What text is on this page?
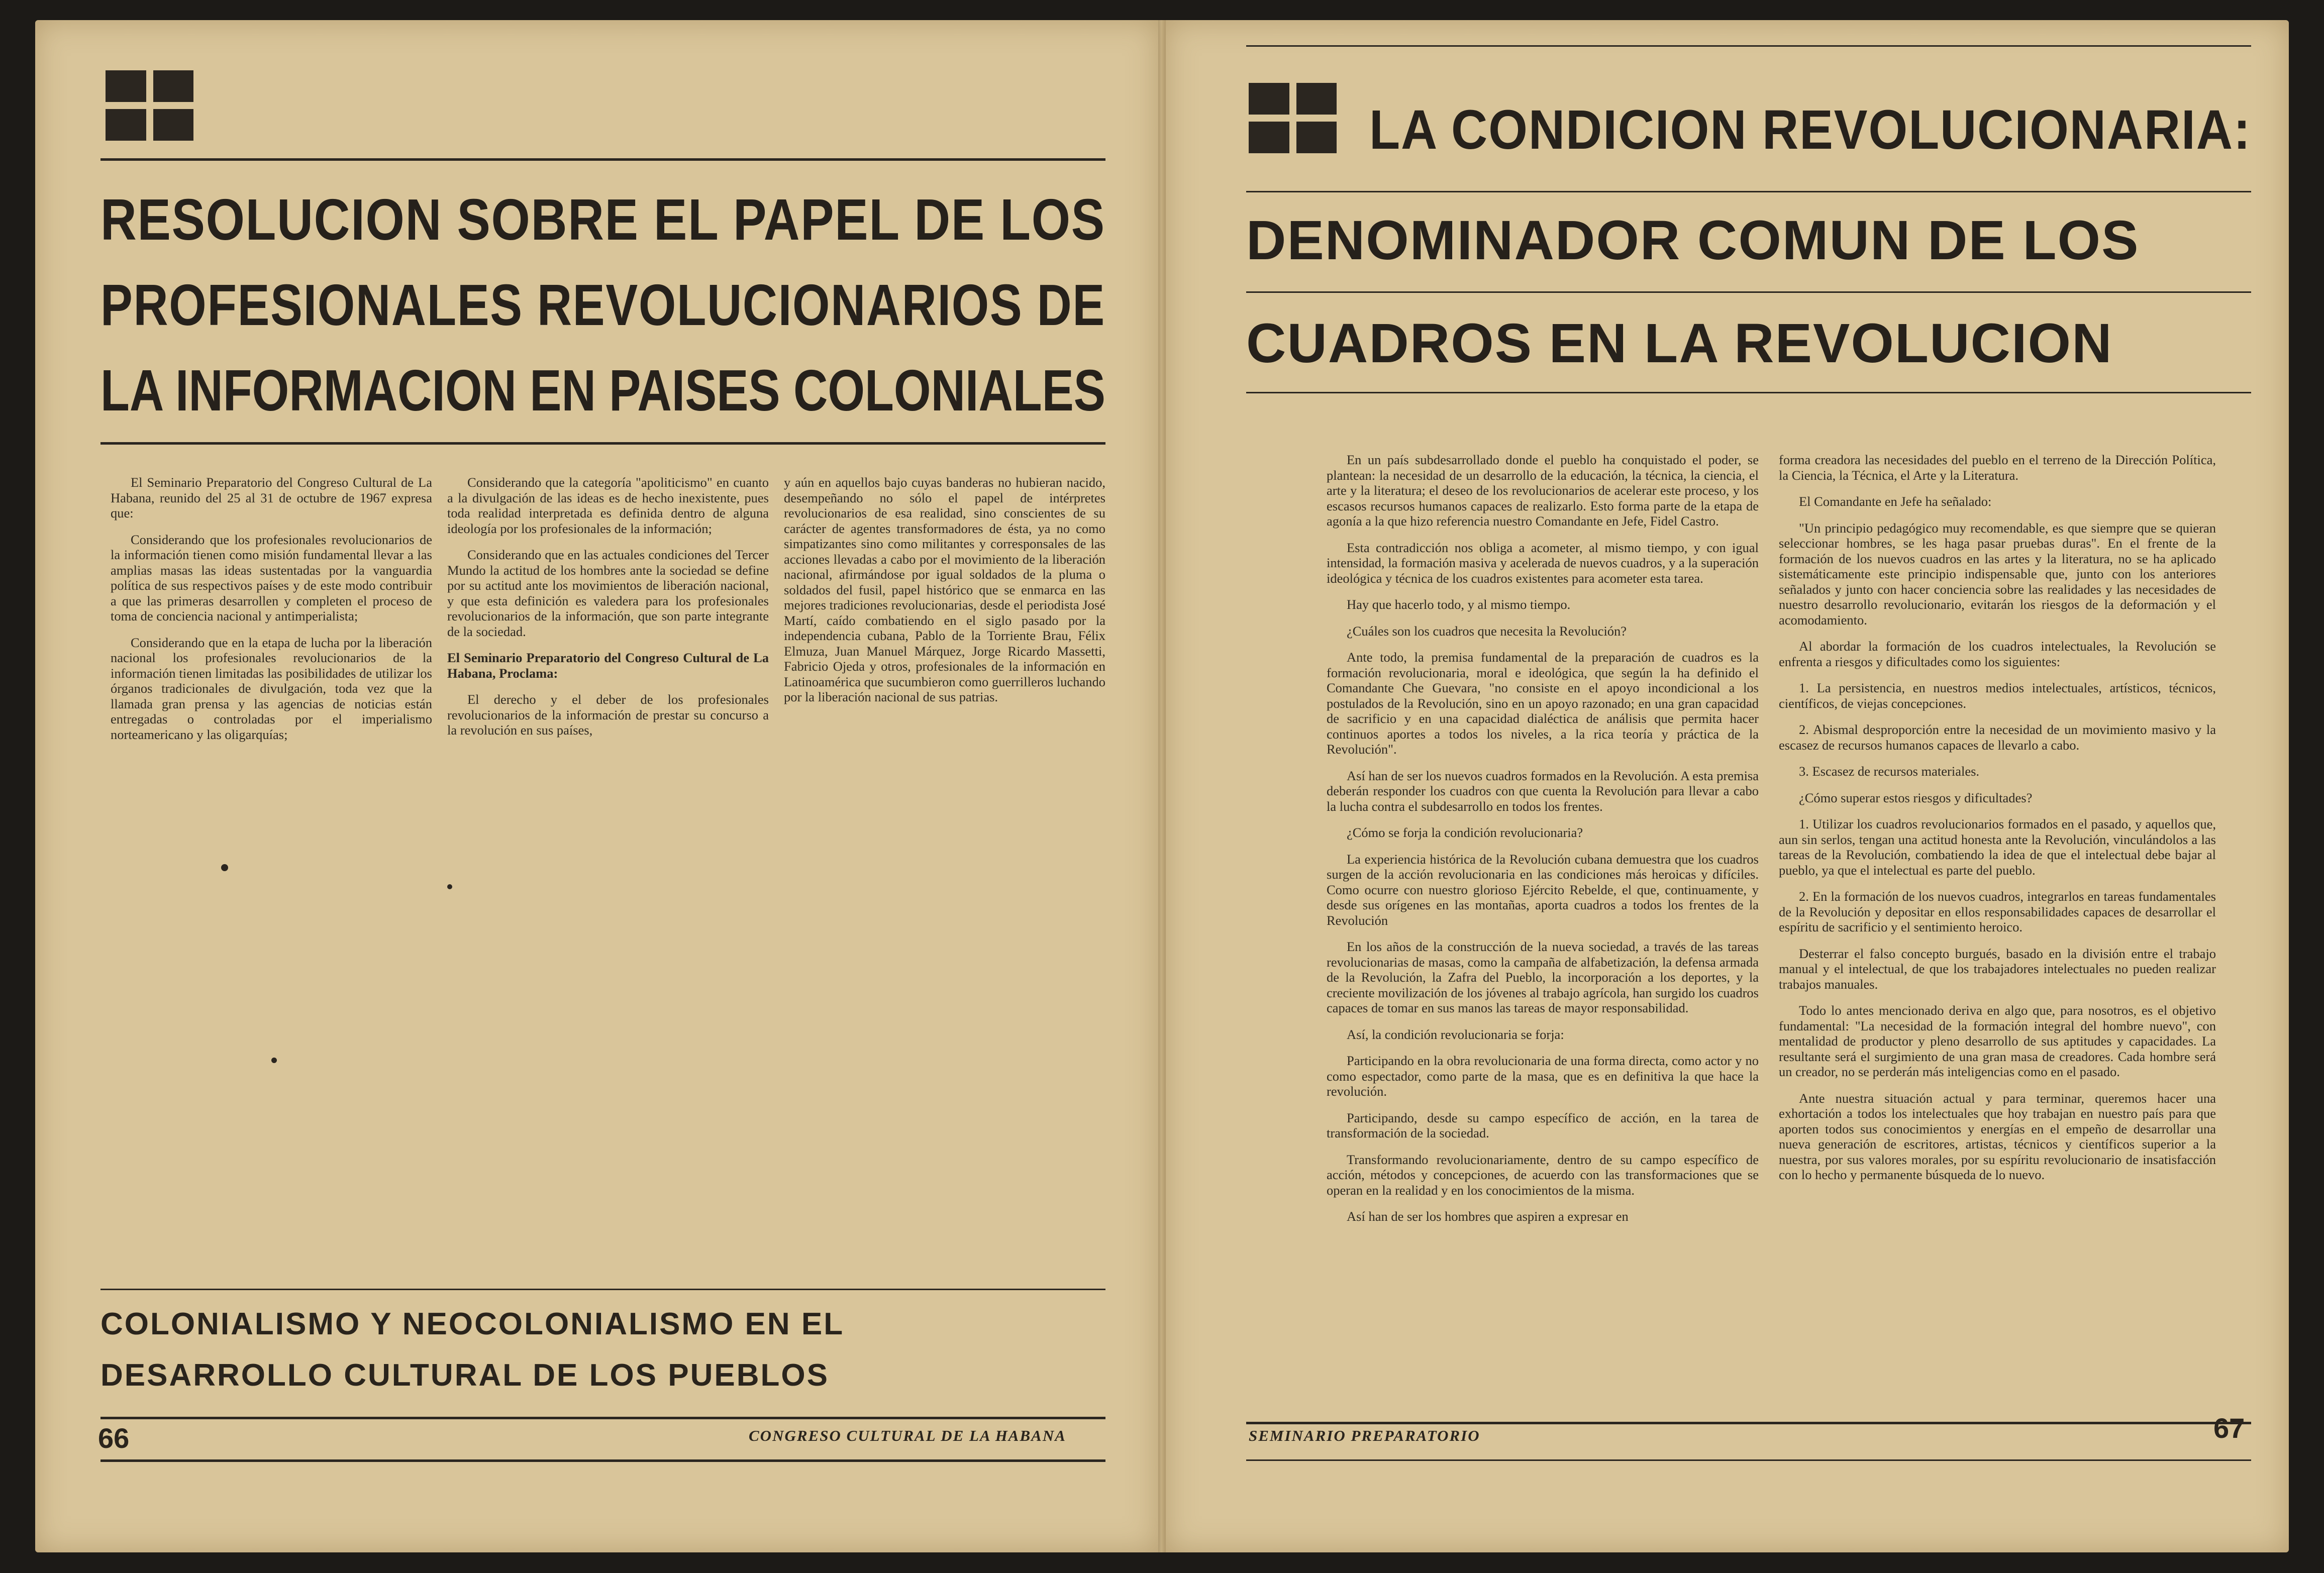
RESOLUCION SOBRE EL PAPEL DE LOS
PROFESIONALES REVOLUCIONARIOS DE
LA INFORMACION EN PAISES COLONIALES

El Seminario Preparatorio del Congreso Cultural de La Habana, reunido del 25 al 31 de octubre de 1967 expresa que:

Considerando que los profesionales revolucionarios de la información tienen como misión fundamental llevar a las amplias masas las ideas sustentadas por la vanguardia política de sus respectivos países y de este modo contribuir a que las primeras desarrollen y completen el proceso de toma de conciencia nacional y antimperialista;

Considerando que en la etapa de lucha por la liberación nacional los profesionales revolucionarios de la información tienen limitadas las posibilidades de utilizar los órganos tradicionales de divulgación, toda vez que la llamada gran prensa y las agencias de noticias están entregadas o controladas por el imperialismo norteamericano y las oligarquías;

Considerando que la categoría "apoliticismo" en cuanto a la divulgación de las ideas es de hecho inexistente, pues toda realidad interpretada es definida dentro de alguna ideología por los profesionales de la información;

Considerando que en las actuales condiciones del Tercer Mundo la actitud de los hombres ante la sociedad se define por su actitud ante los movimientos de liberación nacional, y que esta definición es valedera para los profesionales revolucionarios de la información, que son parte integrante de la sociedad.

El Seminario Preparatorio del Congreso Cultural de La Habana, Proclama:

El derecho y el deber de los profesionales revolucionarios de la información de prestar su concurso a la revolución en sus países,

y aún en aquellos bajo cuyas banderas no hubieran nacido, desempeñando no sólo el papel de intérpretes revolucionarios de esa realidad, sino conscientes de su carácter de agentes transformadores de ésta, ya no como simpatizantes sino como militantes y corresponsales de las acciones llevadas a cabo por el movimiento de la liberación nacional, afirmándose por igual soldados de la pluma o soldados del fusil, papel histórico que se enmarca en las mejores tradiciones revolucionarias, desde el periodista José Martí, caído combatiendo en el siglo pasado por la independencia cubana, Pablo de la Torriente Brau, Félix Elmuza, Juan Manuel Márquez, Jorge Ricardo Massetti, Fabricio Ojeda y otros, profesionales de la información en Latinoamérica que sucumbieron como guerrilleros luchando por la liberación nacional de sus patrias.

COLONIALISMO Y NEOCOLONIALISMO EN EL
DESARROLLO CULTURAL DE LOS PUEBLOS
66	CONGRESO CULTURAL DE LA HABANA
LA CONDICION REVOLUCIONARIA:
DENOMINADOR COMUN DE LOS
CUADROS EN LA REVOLUCION

En un país subdesarrollado donde el pueblo ha conquistado el poder, se plantean: la necesidad de un desarrollo de la educación, la técnica, la ciencia, el arte y la literatura; el deseo de los revolucionarios de acelerar este proceso, y los escasos recursos humanos capaces de realizarlo. Esto forma parte de la etapa de agonía a la que hizo referencia nuestro Comandante en Jefe, Fidel Castro.

Esta contradicción nos obliga a acometer, al mismo tiempo, y con igual intensidad, la formación masiva y acelerada de nuevos cuadros, y a la superación ideológica y técnica de los cuadros existentes para acometer esta tarea.

Hay que hacerlo todo, y al mismo tiempo.

¿Cuáles son los cuadros que necesita la Revolución?

Ante todo, la premisa fundamental de la preparación de cuadros es la formación revolucionaria, moral e ideológica, que según la ha definido el Comandante Che Guevara, "no consiste en el apoyo incondicional a los postulados de la Revolución, sino en un apoyo razonado; en una gran capacidad de sacrificio y en una capacidad dialéctica de análisis que permita hacer continuos aportes a todos los niveles, a la rica teoría y práctica de la Revolución".

Así han de ser los nuevos cuadros formados en la Revolución. A esta premisa deberán responder los cuadros con que cuenta la Revolución para llevar a cabo la lucha contra el subdesarrollo en todos los frentes.

¿Cómo se forja la condición revolucionaria?

La experiencia histórica de la Revolución cubana demuestra que los cuadros surgen de la acción revolucionaria en las condiciones más heroicas y difíciles. Como ocurre con nuestro glorioso Ejército Rebelde, el que, continuamente, y desde sus orígenes en las montañas, aporta cuadros a todos los frentes de la Revolución

En los años de la construcción de la nueva sociedad, a través de las tareas revolucionarias de masas, como la campaña de alfabetización, la defensa armada de la Revolución, la Zafra del Pueblo, la incorporación a los deportes, y la creciente movilización de los jóvenes al trabajo agrícola, han surgido los cuadros capaces de tomar en sus manos las tareas de mayor responsabilidad.

Así, la condición revolucionaria se forja:

Participando en la obra revolucionaria de una forma directa, como actor y no como espectador, como parte de la masa, que es en definitiva la que hace la revolución.

Participando, desde su campo específico de acción, en la tarea de transformación de la sociedad.

Transformando revolucionariamente, dentro de su campo específico de acción, métodos y concepciones, de acuerdo con las transformaciones que se operan en la realidad y en los conocimientos de la misma.

Así han de ser los hombres que aspiren a expresar en

forma creadora las necesidades del pueblo en el terreno de la Dirección Política, la Ciencia, la Técnica, el Arte y la Literatura.

El Comandante en Jefe ha señalado:

"Un principio pedagógico muy recomendable, es que siempre que se quieran seleccionar hombres, se les haga pasar pruebas duras". En el frente de la formación de los nuevos cuadros en las artes y la literatura, no se ha aplicado sistemáticamente este principio indispensable que, junto con los anteriores señalados y junto con hacer conciencia sobre las realidades y las necesidades de nuestro desarrollo revolucionario, evitarán los riesgos de la deformación y el acomodamiento.

Al abordar la formación de los cuadros intelectuales, la Revolución se enfrenta a riesgos y dificultades como los siguientes:

1. La persistencia, en nuestros medios intelectuales, artísticos, técnicos, científicos, de viejas concepciones.

2. Abismal desproporción entre la necesidad de un movimiento masivo y la escasez de recursos humanos capaces de llevarlo a cabo.

3. Escasez de recursos materiales.

¿Cómo superar estos riesgos y dificultades?

1. Utilizar los cuadros revolucionarios formados en el pasado, y aquellos que, aun sin serlos, tengan una actitud honesta ante la Revolución, vinculándolos a las tareas de la Revolución, combatiendo la idea de que el intelectual debe bajar al pueblo, ya que el intelectual es parte del pueblo.

2. En la formación de los nuevos cuadros, integrarlos en tareas fundamentales de la Revolución y depositar en ellos responsabilidades capaces de desarrollar el espíritu de sacrificio y el sentimiento heroico.

Desterrar el falso concepto burgués, basado en la división entre el trabajo manual y el intelectual, de que los trabajadores intelectuales no pueden realizar trabajos manuales.

Todo lo antes mencionado deriva en algo que, para nosotros, es el objetivo fundamental: "La necesidad de la formación integral del hombre nuevo", con mentalidad de productor y pleno desarrollo de sus aptitudes y capacidades. La resultante será el surgimiento de una gran masa de creadores. Cada hombre será un creador, no se perderán más inteligencias como en el pasado.

Ante nuestra situación actual y para terminar, queremos hacer una exhortación a todos los intelectuales que hoy trabajan en nuestro país para que aporten todos sus conocimientos y energías en el empeño de desarrollar una nueva generación de escritores, artistas, técnicos y científicos superior a la nuestra, por sus valores morales, por su espíritu revolucionario de insatisfacción con lo hecho y permanente búsqueda de lo nuevo.

SEMINARIO PREPARATORIO	67
